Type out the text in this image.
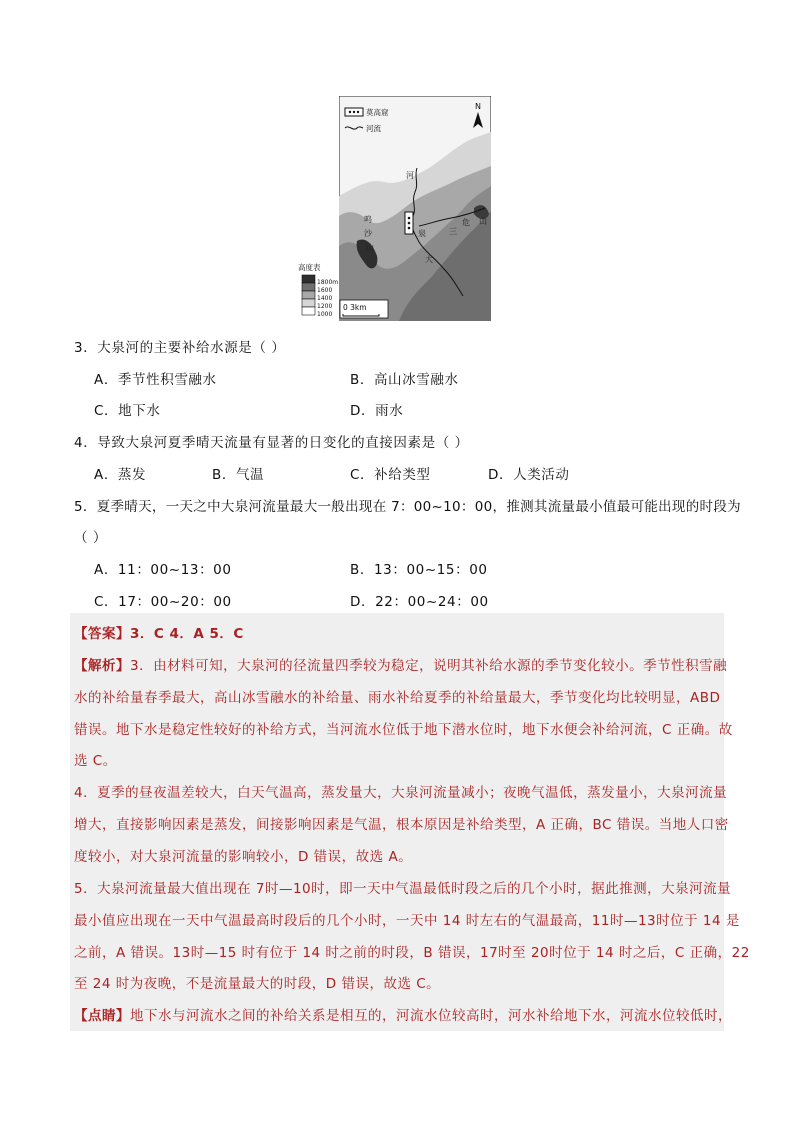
莫高窟
河流
N
河
泉
大
三
危 山
鸣
沙
山
0 3km
高度表
1800m
1600
1400
1200
1000
3．大泉河的主要补给水源是（ ）
A．季节性积雪融水	B．高山冰雪融水
C．地下水	D．雨水
4．导致大泉河夏季晴天流量有显著的日变化的直接因素是（ ）
A．蒸发	B．气温	C．补给类型	D．人类活动
5．夏季晴天，一天之中大泉河流量最大一般出现在 7：00~10：00，推测其流量最小值最可能出现的时段为
（ ）
A．11：00~13：00	B．13：00~15：00
C．17：00~20：00	D．22：00~24：00
【答案】3．C 4．A 5．C
【解析】3．由材料可知，大泉河的径流量四季较为稳定，说明其补给水源的季节变化较小。季节性积雪融
水的补给量春季最大，高山冰雪融水的补给量、雨水补给夏季的补给量最大，季节变化均比较明显，ABD
错误。地下水是稳定性较好的补给方式，当河流水位低于地下潜水位时，地下水便会补给河流，C 正确。故
选 C。
4．夏季的昼夜温差较大，白天气温高，蒸发量大，大泉河流量减小；夜晚气温低，蒸发量小，大泉河流量
增大，直接影响因素是蒸发，间接影响因素是气温，根本原因是补给类型，A 正确，BC 错误。当地人口密
度较小，对大泉河流量的影响较小，D 错误，故选 A。
5．大泉河流量最大值出现在 7时—10时，即一天中气温最低时段之后的几个小时，据此推测，大泉河流量
最小值应出现在一天中气温最高时段后的几个小时，一天中 14 时左右的气温最高，11时—13时位于 14 是
之前，A 错误。13时—15 时有位于 14 时之前的时段，B 错误，17时至 20时位于 14 时之后，C 正确，22
至 24 时为夜晚，不是流量最大的时段，D 错误，故选 C。
【点睛】地下水与河流水之间的补给关系是相互的，河流水位较高时，河水补给地下水，河流水位较低时，
